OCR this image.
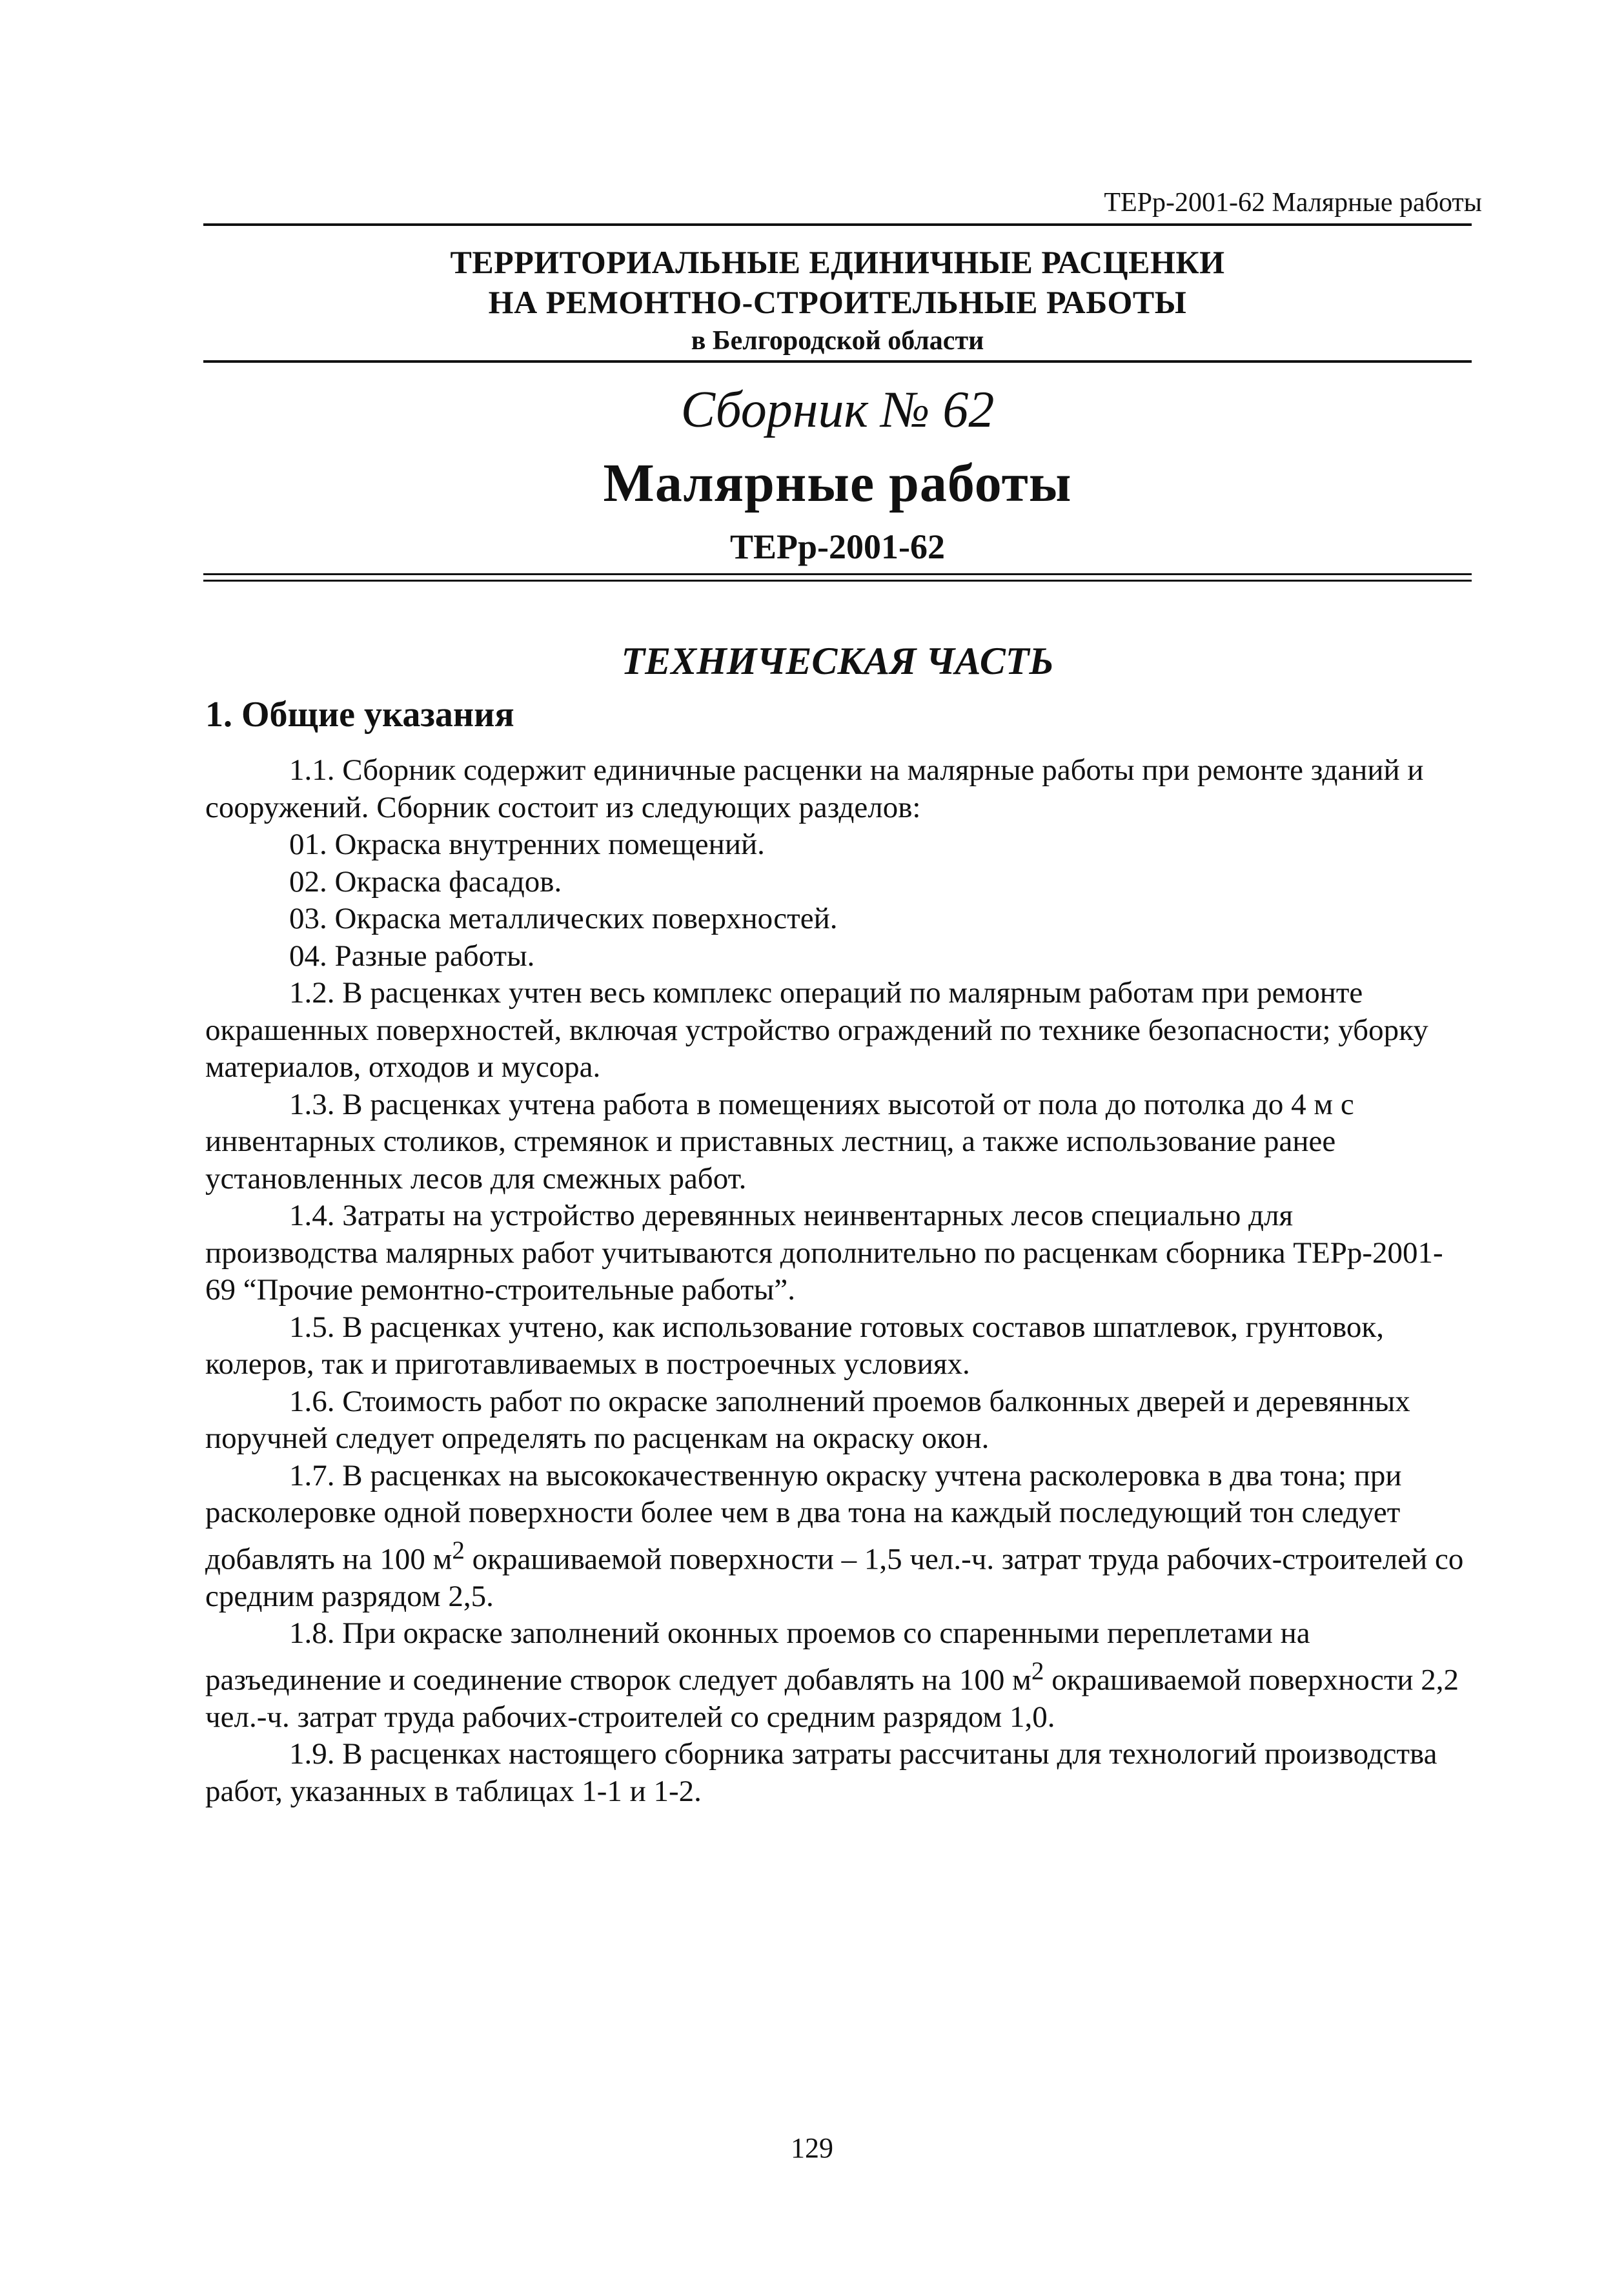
ТЕРр-2001-62 Малярные работы
ТЕРРИТОРИАЛЬНЫЕ ЕДИНИЧНЫЕ РАСЦЕНКИ
НА РЕМОНТНО-СТРОИТЕЛЬНЫЕ РАБОТЫ
в Белгородской области
Сборник № 62
Малярные работы
ТЕРр-2001-62
ТЕХНИЧЕСКАЯ ЧАСТЬ
1. Общие указания

1.1. Сборник содержит единичные расценки на малярные работы при ремонте зданий и сооружений. Сборник состоит из следующих разделов:

01. Окраска внутренних помещений.

02. Окраска фасадов.

03. Окраска металлических поверхностей.

04. Разные работы.

1.2. В расценках учтен весь комплекс операций по малярным работам при ремонте окрашенных поверхностей, включая устройство ограждений по технике безопасности; уборку материалов, отходов и мусора.

1.3. В расценках учтена работа в помещениях высотой от пола до потолка до 4 м с инвентарных столиков, стремянок и приставных лестниц, а также использование ранее установленных лесов для смежных работ.

1.4. Затраты на устройство деревянных неинвентарных лесов специально для производства малярных работ учитываются дополнительно по расценкам сборника ТЕРр-2001-69 “Прочие ремонтно-строительные работы”.

1.5. В расценках учтено, как использование готовых составов шпатлевок, грунтовок, колеров, так и приготавливаемых в построечных условиях.

1.6. Стоимость работ по окраске заполнений проемов балконных дверей и деревянных поручней следует определять по расценкам на окраску окон.

1.7. В расценках на высококачественную окраску учтена расколеровка в два тона; при расколеровке одной поверхности более чем в два тона на каждый последующий тон следует добавлять на 100 $м^2$ окрашиваемой поверхности – 1,5 чел.-ч. затрат труда рабочих-строителей со средним разрядом 2,5.

1.8. При окраске заполнений оконных проемов со спаренными переплетами на разъединение и соединение створок следует добавлять на 100 $м^2$ окрашиваемой поверхности 2,2 чел.-ч. затрат труда рабочих-строителей со средним разрядом 1,0.

1.9. В расценках настоящего сборника затраты рассчитаны для технологий производства работ, указанных в таблицах 1-1 и 1-2.

129
